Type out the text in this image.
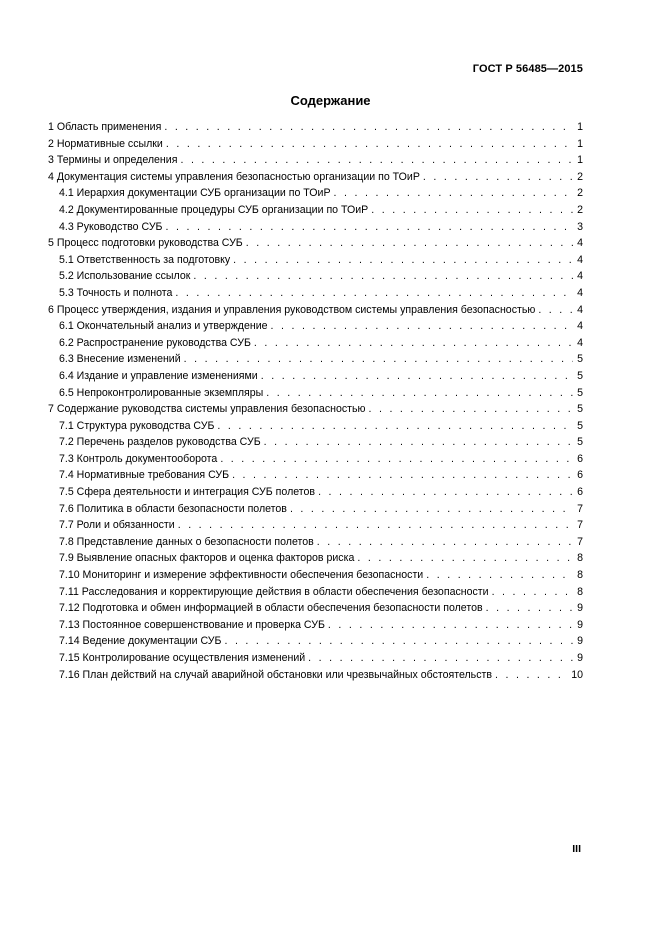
ГОСТ Р 56485—2015
Содержание
1 Область применения . . .	1
2 Нормативные ссылки . . .	1
3 Термины и определения . . .	1
4 Документация системы управления безопасностью организации по ТОиР . . .	2
4.1 Иерархия документации СУБ организации по ТОиР . . .	2
4.2 Документированные процедуры СУБ организации по ТОиР . . .	2
4.3 Руководство СУБ . . .	3
5 Процесс подготовки руководства СУБ . . .	4
5.1 Ответственность за подготовку . . .	4
5.2 Использование ссылок . . .	4
5.3 Точность и полнота . . .	4
6 Процесс утверждения, издания и управления руководством системы управления безопасностью . . .	4
6.1 Окончательный анализ и утверждение . . .	4
6.2 Распространение руководства СУБ . . .	4
6.3 Внесение изменений . . .	5
6.4 Издание и управление изменениями . . .	5
6.5 Непроконтролированные экземпляры . . .	5
7 Содержание руководства системы управления безопасностью . . .	5
7.1 Структура руководства СУБ . . .	5
7.2 Перечень разделов руководства СУБ . . .	5
7.3 Контроль документооборота . . .	6
7.4 Нормативные требования СУБ . . .	6
7.5 Сфера деятельности и интеграция СУБ полетов . . .	6
7.6 Политика в области безопасности полетов . . .	7
7.7 Роли и обязанности . . .	7
7.8 Представление данных о безопасности полетов . . .	7
7.9 Выявление опасных факторов и оценка факторов риска . . .	8
7.10 Мониторинг и измерение эффективности обеспечения безопасности . . .	8
7.11 Расследования и корректирующие действия в области обеспечения безопасности . . .	8
7.12 Подготовка и обмен информацией в области обеспечения безопасности полетов . . .	9
7.13 Постоянное совершенствование и проверка СУБ . . .	9
7.14 Ведение документации СУБ . . .	9
7.15 Контролирование осуществления изменений . . .	9
7.16 План действий на случай аварийной обстановки или чрезвычайных обстоятельств . . .	10
III
